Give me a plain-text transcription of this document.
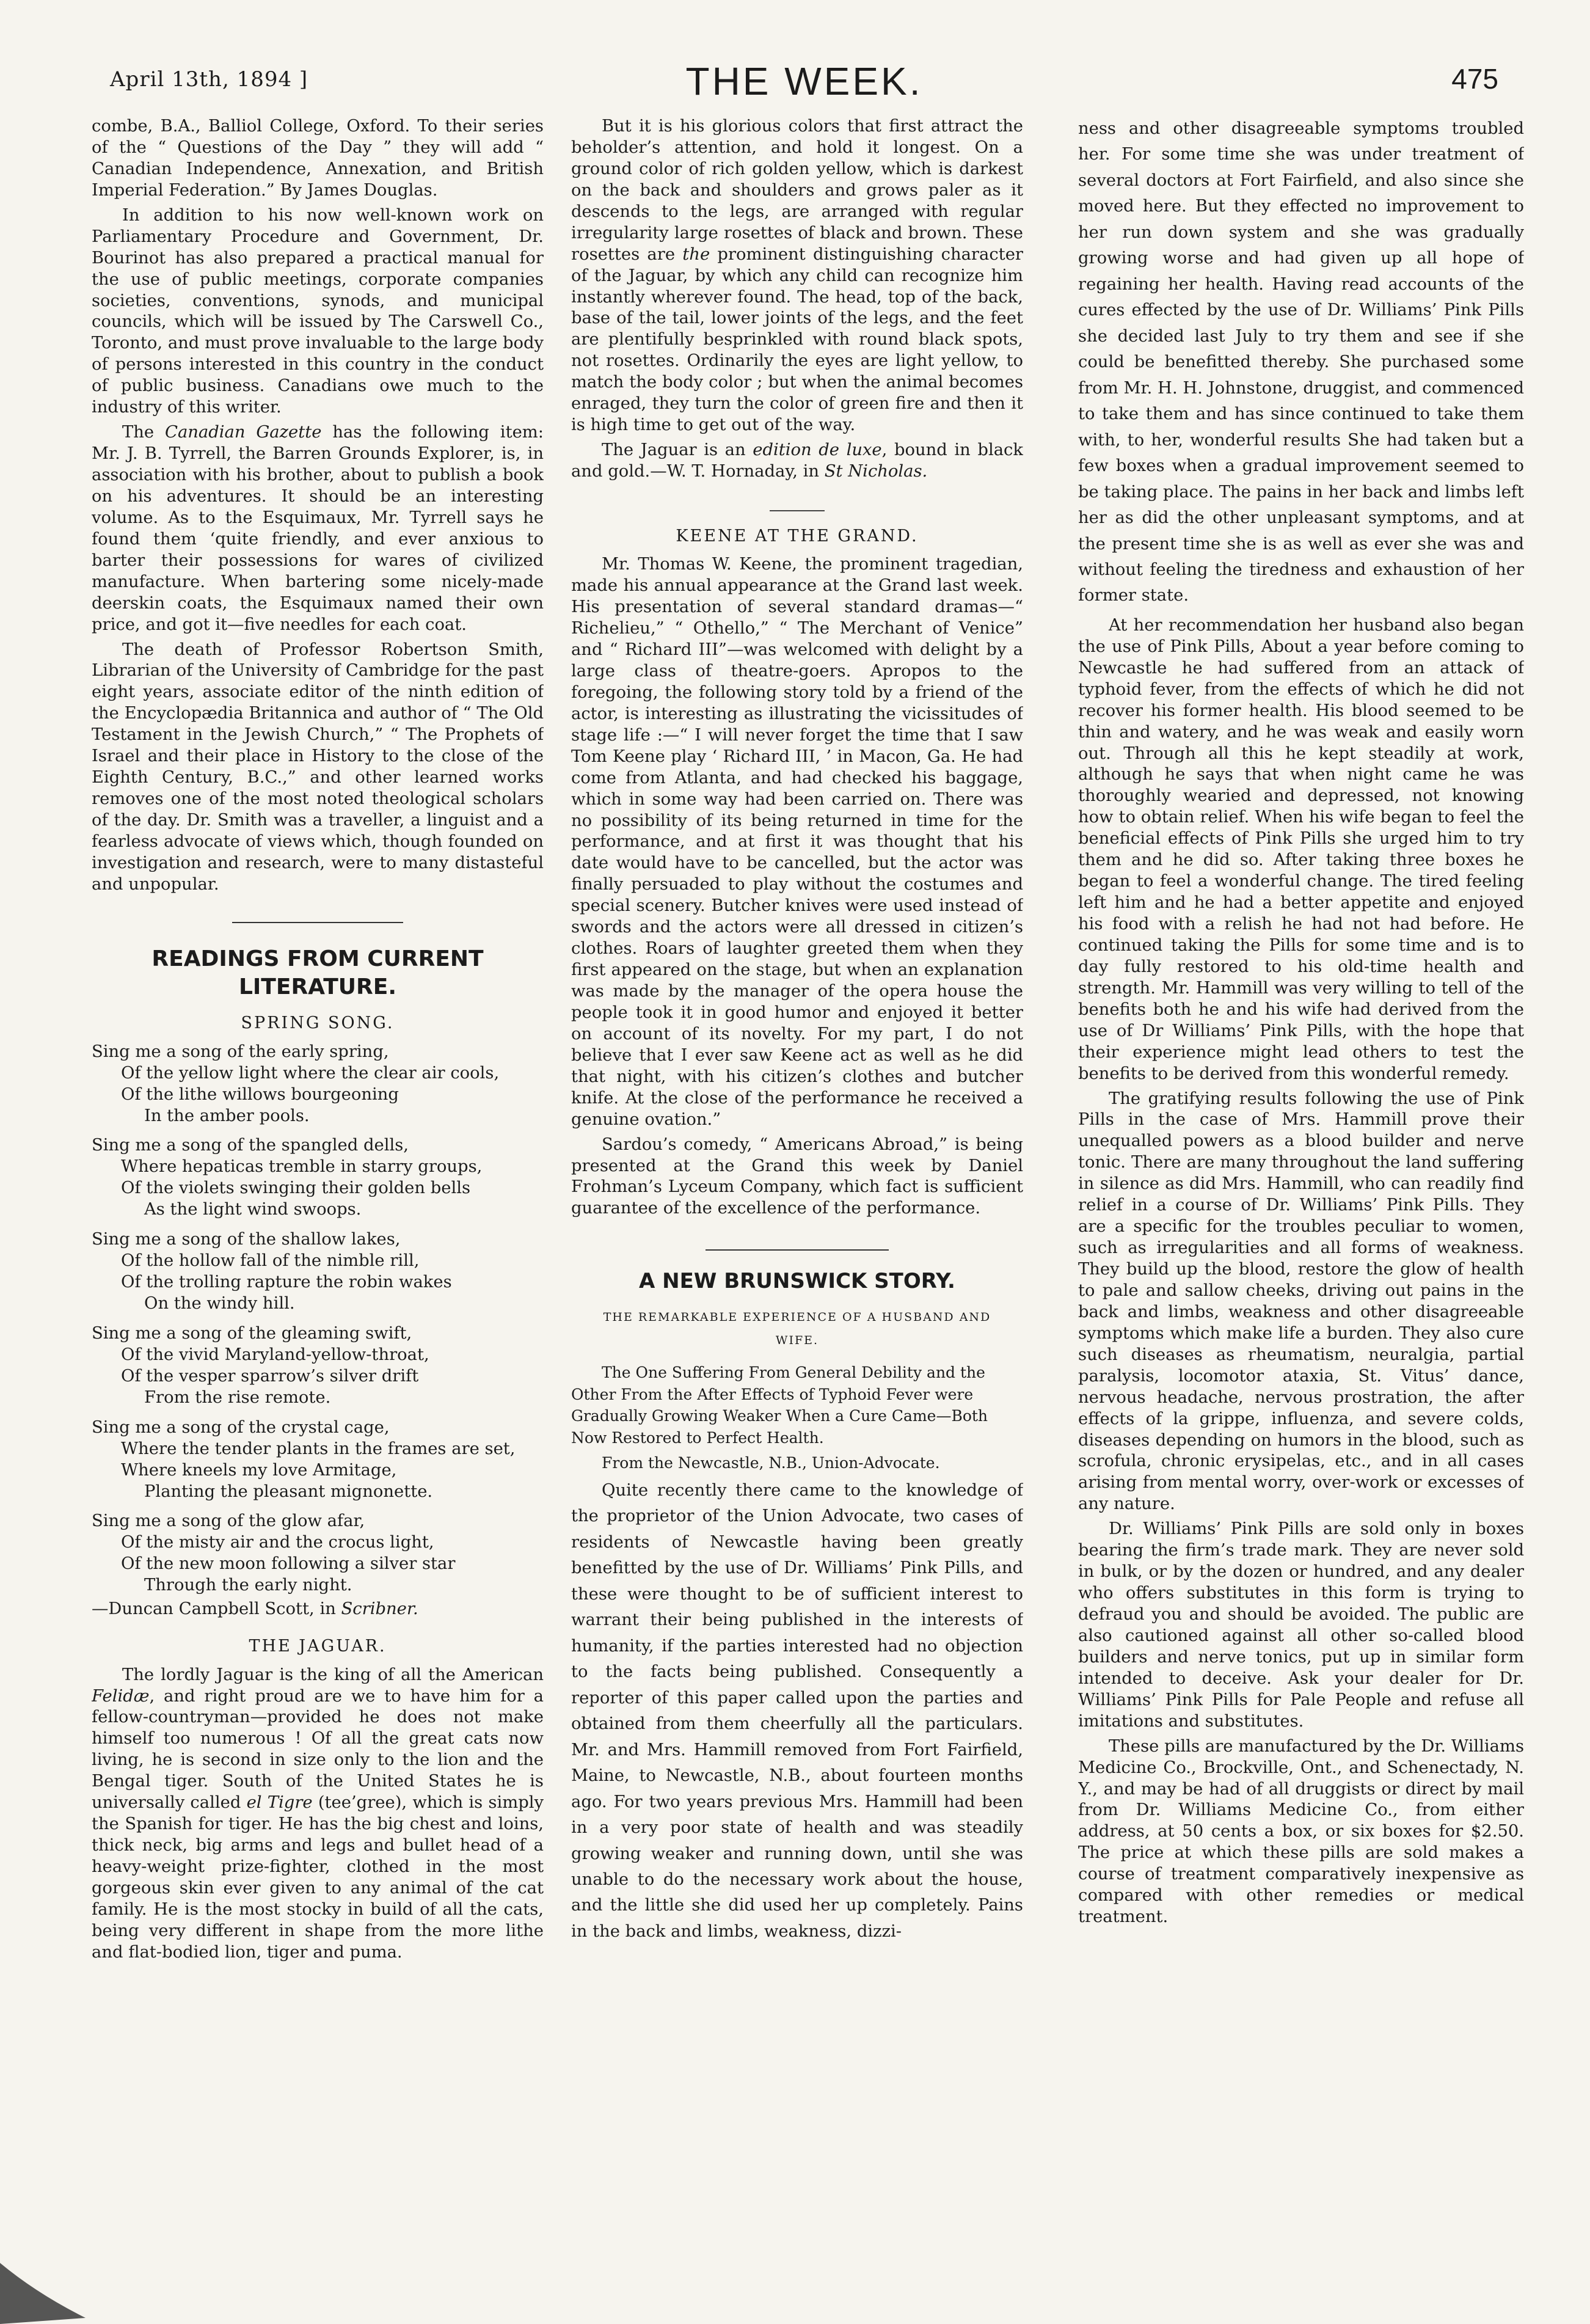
April 13th, 1894 ]	THE WEEK.	475

combe, B.A., Balliol College, Oxford. To their series of the “ Questions of the Day ” they will add “ Canadian Independence, Annexation, and British Imperial Federation.” By James Douglas.

In addition to his now well-known work on Parliamentary Procedure and Government, Dr. Bourinot has also prepared a practical manual for the use of public meetings, corporate companies societies, conventions, synods, and municipal councils, which will be issued by The Carswell Co., Toronto, and must prove invaluable to the large body of persons interested in this country in the conduct of public business. Canadians owe much to the industry of this writer.

The Canadian Gazette has the following item: Mr. J. B. Tyrrell, the Barren Grounds Explorer, is, in association with his brother, about to publish a book on his adventures. It should be an interesting volume. As to the Esquimaux, Mr. Tyrrell says he found them ‘quite friendly, and ever anxious to barter their possessions for wares of civilized manufacture. When bartering some nicely-made deerskin coats, the Esquimaux named their own price, and got it—five needles for each coat.

The death of Professor Robertson Smith, Librarian of the University of Cambridge for the past eight years, associate editor of the ninth edition of the Encyclopædia Britannica and author of “ The Old Testament in the Jewish Church,” “ The Prophets of Israel and their place in History to the close of the Eighth Century, B.C.,” and other learned works removes one of the most noted theological scholars of the day. Dr. Smith was a traveller, a linguist and a fearless advocate of views which, though founded on investigation and research, were to many distasteful and unpopular.

READINGS FROM CURRENT LITERATURE.
SPRING SONG.
Sing me a song of the early spring,
Of the yellow light where the clear air cools,
Of the lithe willows bourgeoning
In the amber pools.
Sing me a song of the spangled dells,
Where hepaticas tremble in starry groups,
Of the violets swinging their golden bells
As the light wind swoops.
Sing me a song of the shallow lakes,
Of the hollow fall of the nimble rill,
Of the trolling rapture the robin wakes
On the windy hill.
Sing me a song of the gleaming swift,
Of the vivid Maryland-yellow-throat,
Of the vesper sparrow’s silver drift
From the rise remote.
Sing me a song of the crystal cage,
Where the tender plants in the frames are set,
Where kneels my love Armitage,
Planting the pleasant mignonette.
Sing me a song of the glow afar,
Of the misty air and the crocus light,
Of the new moon following a silver star
Through the early night.
—Duncan Campbell Scott, in Scribner.
THE JAGUAR.

The lordly Jaguar is the king of all the American Felidæ, and right proud are we to have him for a fellow-countryman—provided he does not make himself too numerous ! Of all the great cats now living, he is second in size only to the lion and the Bengal tiger. South of the United States he is universally called el Tigre (tee’gree), which is simply the Spanish for tiger. He has the big chest and loins, thick neck, big arms and legs and bullet head of a heavy-weight prize-fighter, clothed in the most gorgeous skin ever given to any animal of the cat family. He is the most stocky in build of all the cats, being very different in shape from the more lithe and flat-bodied lion, tiger and puma.

But it is his glorious colors that first attract the beholder’s attention, and hold it longest. On a ground color of rich golden yellow, which is darkest on the back and shoulders and grows paler as it descends to the legs, are arranged with regular irregularity large rosettes of black and brown. These rosettes are the prominent distinguishing character of the Jaguar, by which any child can recognize him instantly wherever found. The head, top of the back, base of the tail, lower joints of the legs, and the feet are plentifully besprinkled with round black spots, not rosettes. Ordinarily the eyes are light yellow, to match the body color ; but when the animal becomes enraged, they turn the color of green fire and then it is high time to get out of the way.

The Jaguar is an edition de luxe, bound in black and gold.—W. T. Hornaday, in St Nicholas.

KEENE AT THE GRAND.

Mr. Thomas W. Keene, the prominent tragedian, made his annual appearance at the Grand last week. His presentation of several standard dramas—“ Richelieu,” “ Othello,” “ The Merchant of Venice” and “ Richard III”—was welcomed with delight by a large class of theatre-goers. Apropos to the foregoing, the following story told by a friend of the actor, is interesting as illustrating the vicissitudes of stage life :—“ I will never forget the time that I saw Tom Keene play ‘ Richard III, ’ in Macon, Ga. He had come from Atlanta, and had checked his baggage, which in some way had been carried on. There was no possibility of its being returned in time for the performance, and at first it was thought that his date would have to be cancelled, but the actor was finally persuaded to play without the costumes and special scenery. Butcher knives were used instead of swords and the actors were all dressed in citizen’s clothes. Roars of laughter greeted them when they first appeared on the stage, but when an explanation was made by the manager of the opera house the people took it in good humor and enjoyed it better on account of its novelty. For my part, I do not believe that I ever saw Keene act as well as he did that night, with his citizen’s clothes and butcher knife. At the close of the performance he received a genuine ovation.”

Sardou’s comedy, “ Americans Abroad,” is being presented at the Grand this week by Daniel Frohman’s Lyceum Company, which fact is sufficient guarantee of the excellence of the performance.

A NEW BRUNSWICK STORY.
THE REMARKABLE EXPERIENCE OF A HUSBAND AND WIFE.

The One Suffering From General Debility and the Other From the After Effects of Typhoid Fever were Gradually Growing Weaker When a Cure Came—Both Now Restored to Perfect Health.

From the Newcastle, N.B., Union-Advocate.

Quite recently there came to the knowledge of the proprietor of the Union Advocate, two cases of residents of Newcastle having been greatly benefitted by the use of Dr. Williams’ Pink Pills, and these were thought to be of sufficient interest to warrant their being published in the interests of humanity, if the parties interested had no objection to the facts being published. Consequently a reporter of this paper called upon the parties and obtained from them cheerfully all the particulars. Mr. and Mrs. Hammill removed from Fort Fairfield, Maine, to Newcastle, N.B., about fourteen months ago. For two years previous Mrs. Hammill had been in a very poor state of health and was steadily growing weaker and running down, until she was unable to do the necessary work about the house, and the little she did used her up completely. Pains in the back and limbs, weakness, dizzi-

ness and other disagreeable symptoms troubled her. For some time she was under treatment of several doctors at Fort Fairfield, and also since she moved here. But they effected no improvement to her run down system and she was gradually growing worse and had given up all hope of regaining her health. Having read accounts of the cures effected by the use of Dr. Williams’ Pink Pills she decided last July to try them and see if she could be benefitted thereby. She purchased some from Mr. H. H. Johnstone, druggist, and commenced to take them and has since continued to take them with, to her, wonderful results She had taken but a few boxes when a gradual improvement seemed to be taking place. The pains in her back and limbs left her as did the other unpleasant symptoms, and at the present time she is as well as ever she was and without feeling the tiredness and exhaustion of her former state.

At her recommendation her husband also began the use of Pink Pills, About a year before coming to Newcastle he had suffered from an attack of typhoid fever, from the effects of which he did not recover his former health. His blood seemed to be thin and watery, and he was weak and easily worn out. Through all this he kept steadily at work, although he says that when night came he was thoroughly wearied and depressed, not knowing how to obtain relief. When his wife began to feel the beneficial effects of Pink Pills she urged him to try them and he did so. After taking three boxes he began to feel a wonderful change. The tired feeling left him and he had a better appetite and enjoyed his food with a relish he had not had before. He continued taking the Pills for some time and is to day fully restored to his old-time health and strength. Mr. Hammill was very willing to tell of the benefits both he and his wife had derived from the use of Dr Williams’ Pink Pills, with the hope that their experience might lead others to test the benefits to be derived from this wonderful remedy.

The gratifying results following the use of Pink Pills in the case of Mrs. Hammill prove their unequalled powers as a blood builder and nerve tonic. There are many throughout the land suffering in silence as did Mrs. Hammill, who can readily find relief in a course of Dr. Williams’ Pink Pills. They are a specific for the troubles peculiar to women, such as irregularities and all forms of weakness. They build up the blood, restore the glow of health to pale and sallow cheeks, driving out pains in the back and limbs, weakness and other disagreeable symptoms which make life a burden. They also cure such diseases as rheumatism, neuralgia, partial paralysis, locomotor ataxia, St. Vitus’ dance, nervous headache, nervous prostration, the after effects of la grippe, influenza, and severe colds, diseases depending on humors in the blood, such as scrofula, chronic erysipelas, etc., and in all cases arising from mental worry, over-work or excesses of any nature.

Dr. Williams’ Pink Pills are sold only in boxes bearing the firm’s trade mark. They are never sold in bulk, or by the dozen or hundred, and any dealer who offers substitutes in this form is trying to defraud you and should be avoided. The public are also cautioned against all other so-called blood builders and nerve tonics, put up in similar form intended to deceive. Ask your dealer for Dr. Williams’ Pink Pills for Pale People and refuse all imitations and substitutes.

These pills are manufactured by the Dr. Williams Medicine Co., Brockville, Ont., and Schenectady, N. Y., and may be had of all druggists or direct by mail from Dr. Williams Medicine Co., from either address, at 50 cents a box, or six boxes for $2.50. The price at which these pills are sold makes a course of treatment comparatively inexpensive as compared with other remedies or medical treatment.
